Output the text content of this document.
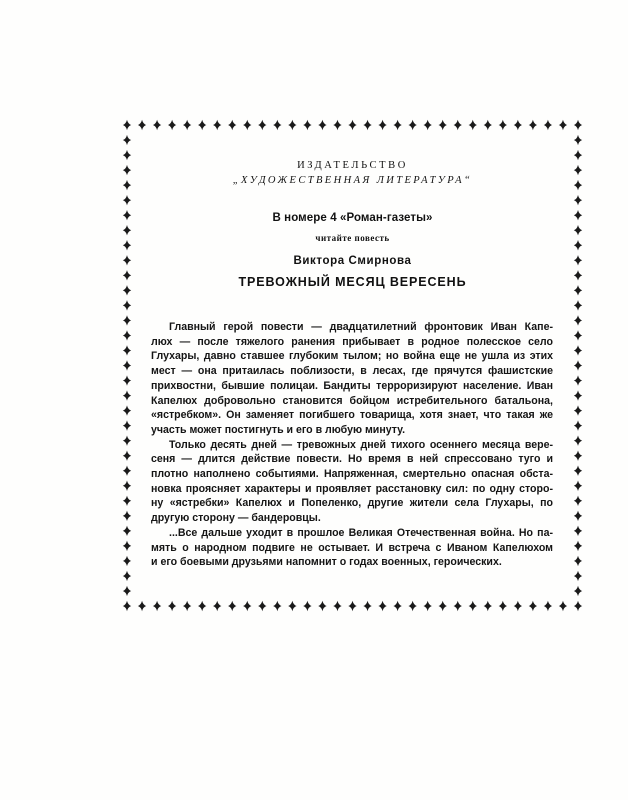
ИЗДАТЕЛЬСТВО
„ХУДОЖЕСТВЕННАЯ ЛИТЕРАТУРА“
В номере 4 «Роман-газеты»
читайте повесть
Виктора Смирнова
ТРЕВОЖНЫЙ МЕСЯЦ ВЕРЕСЕНЬ
Главный герой повести — двадцатилетний фронтовик Иван Капе-
люх — после тяжелого ранения прибывает в родное полесское село
Глухары, давно ставшее глубоким тылом; но война еще не ушла из этих
мест — она притаилась поблизости, в лесах, где прячутся фашистские
прихвостни, бывшие полицаи. Бандиты терроризируют население. Иван
Капелюх добровольно становится бойцом истребительного батальона,
«ястребком». Он заменяет погибшего товарища, хотя знает, что такая же
участь может постигнуть и его в любую минуту.
Только десять дней — тревожных дней тихого осеннего месяца вере-
сеня — длится действие повести. Но время в ней спрессовано туго и
плотно наполнено событиями. Напряженная, смертельно опасная обста-
новка проясняет характеры и проявляет расстановку сил: по одну сторо-
ну «ястребки» Капелюх и Попеленко, другие жители села Глухары, по
другую сторону — бандеровцы.
...Все дальше уходит в прошлое Великая Отечественная война. Но па-
мять о народном подвиге не остывает. И встреча с Иваном Капелюхом
и его боевыми друзьями напомнит о годах военных, героических.
